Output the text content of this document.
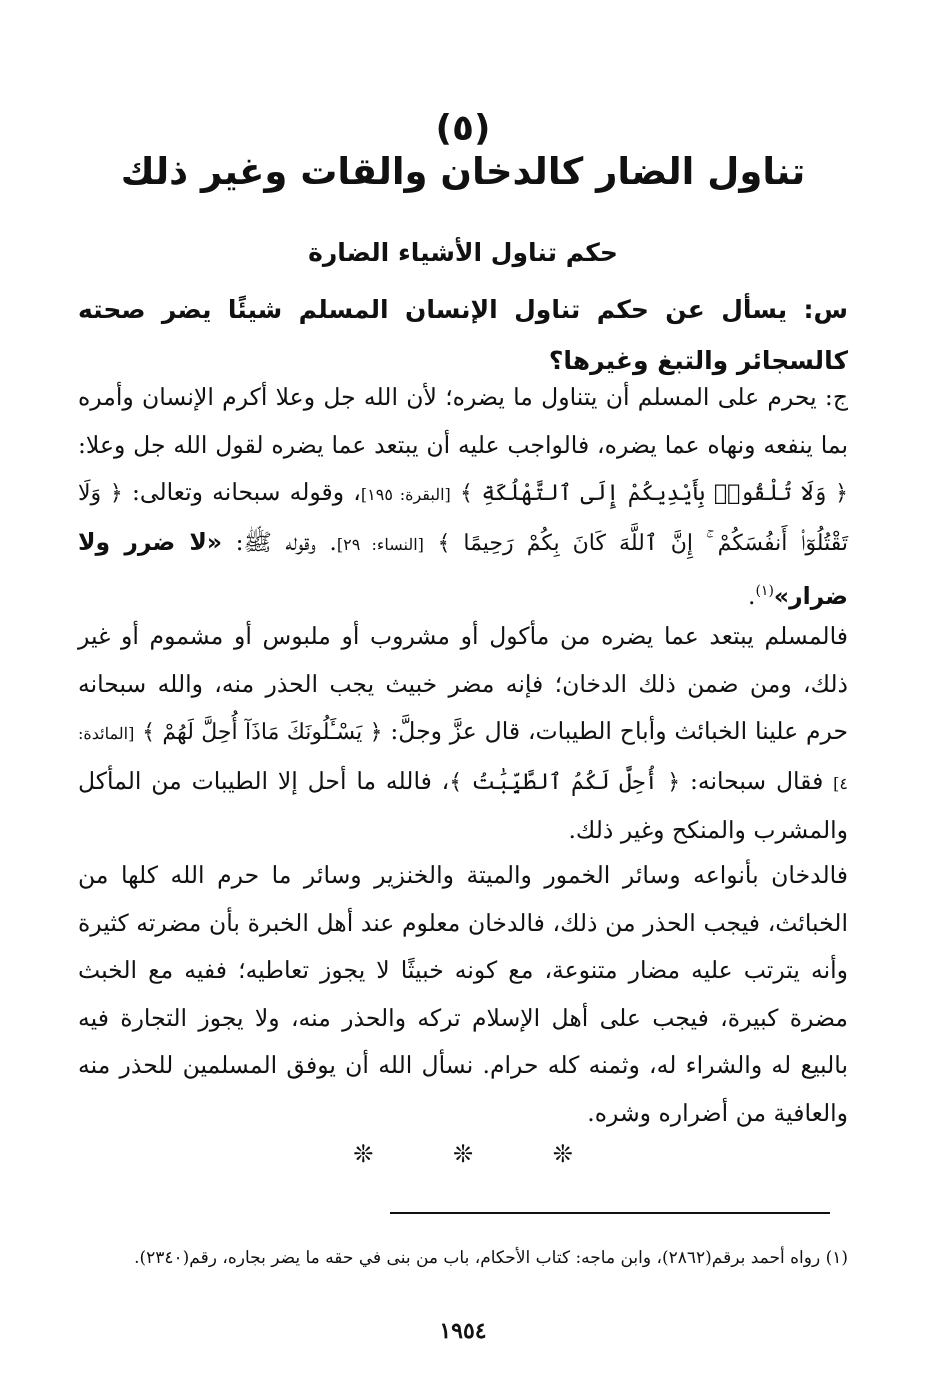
(٥)
تناول الضار كالدخان والقات وغير ذلك
حكم تناول الأشياء الضارة
س: يسأل عن حكم تناول الإنسان المسلم شيئًا يضر صحته كالسجائر والتبغ وغيرها؟
ج: يحرم على المسلم أن يتناول ما يضره؛ لأن الله جل وعلا أكرم الإنسان وأمره بما ينفعه ونهاه عما يضره، فالواجب عليه أن يبتعد عما يضره لقول الله جل وعلا: ﴿ وَلَا تُلْقُوا۟ بِأَيْدِيكُمْ إِلَى ٱلتَّهْلُكَةِ ﴾ [البقرة: ١٩٥]، وقوله سبحانه وتعالى: ﴿ وَلَا تَقْتُلُوٓا۟ أَنفُسَكُمْ ۚ إِنَّ ٱللَّهَ كَانَ بِكُمْ رَحِيمًا ﴾ [النساء: ٢٩]. وقوله ﷺ: «لا ضرر ولا ضرار»$^{(١)}$.
فالمسلم يبتعد عما يضره من مأكول أو مشروب أو ملبوس أو مشموم أو غير ذلك، ومن ضمن ذلك الدخان؛ فإنه مضر خبيث يجب الحذر منه، والله سبحانه حرم علينا الخبائث وأباح الطيبات، قال عزَّ وجلَّ: ﴿ يَسْـَٔلُونَكَ مَاذَآ أُحِلَّ لَهُمْ ﴾ [المائدة: ٤] فقال سبحانه: ﴿ أُحِلَّ لَكُمُ ٱلطَّيِّبَٰتُ ﴾، فالله ما أحل إلا الطيبات من المأكل والمشرب والمنكح وغير ذلك.
فالدخان بأنواعه وسائر الخمور والميتة والخنزير وسائر ما حرم الله كلها من الخبائث، فيجب الحذر من ذلك، فالدخان معلوم عند أهل الخبرة بأن مضرته كثيرة وأنه يترتب عليه مضار متنوعة، مع كونه خبيثًا لا يجوز تعاطيه؛ ففيه مع الخبث مضرة كبيرة، فيجب على أهل الإسلام تركه والحذر منه، ولا يجوز التجارة فيه بالبيع له والشراء له، وثمنه كله حرام. نسأل الله أن يوفق المسلمين للحذر منه والعافية من أضراره وشره.
❊ ❊ ❊
(١) رواه أحمد برقم(٢٨٦٢)، وابن ماجه: كتاب الأحكام، باب من بنى في حقه ما يضر بجاره، رقم(٢٣٤٠).
١٩٥٤
